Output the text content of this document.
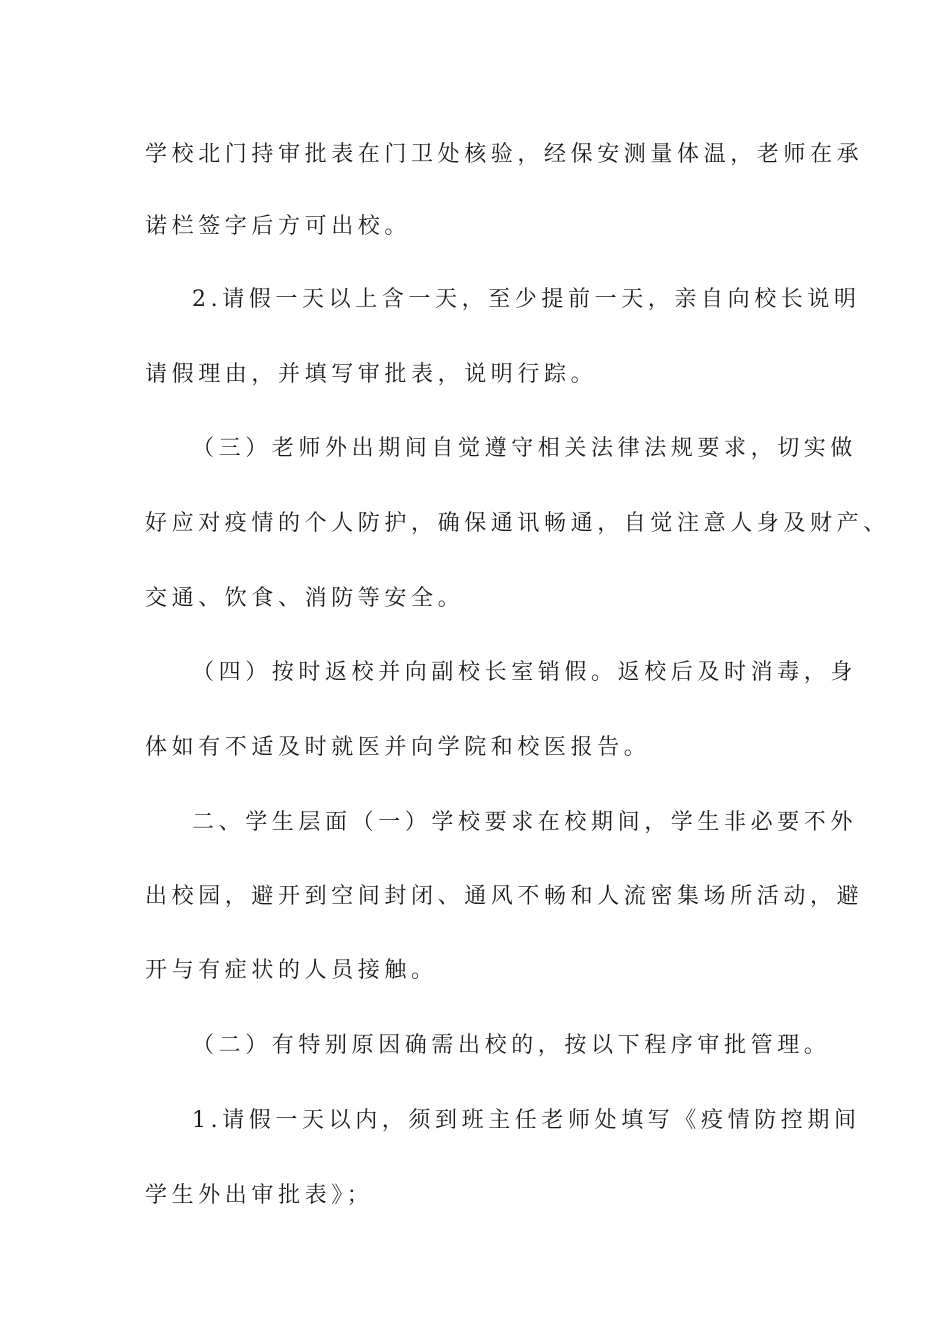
学校北门持审批表在门卫处核验，经保安测量体温，老师在承
诺栏签字后方可出校。
2.请假一天以上含一天，至少提前一天，亲自向校长说明
请假理由，并填写审批表，说明行踪。
（三）老师外出期间自觉遵守相关法律法规要求，切实做
好应对疫情的个人防护，确保通讯畅通，自觉注意人身及财产、
交通、饮食、消防等安全。
（四）按时返校并向副校长室销假。返校后及时消毒，身
体如有不适及时就医并向学院和校医报告。
二、学生层面（一）学校要求在校期间，学生非必要不外
出校园，避开到空间封闭、通风不畅和人流密集场所活动，避
开与有症状的人员接触。
（二）有特别原因确需出校的，按以下程序审批管理。
1.请假一天以内，须到班主任老师处填写《疫情防控期间
学生外出审批表》；
